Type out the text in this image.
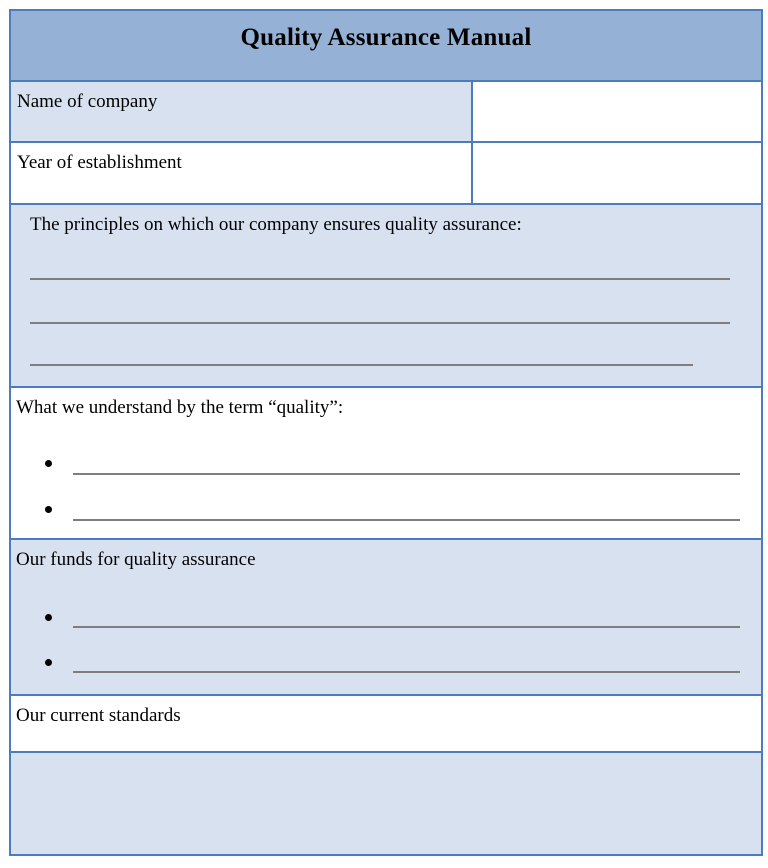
Quality Assurance Manual
Name of company
Year of establishment
The principles on which our company ensures quality assurance:
What we understand by the term “quality”:
Our funds for quality assurance
Our current standards
